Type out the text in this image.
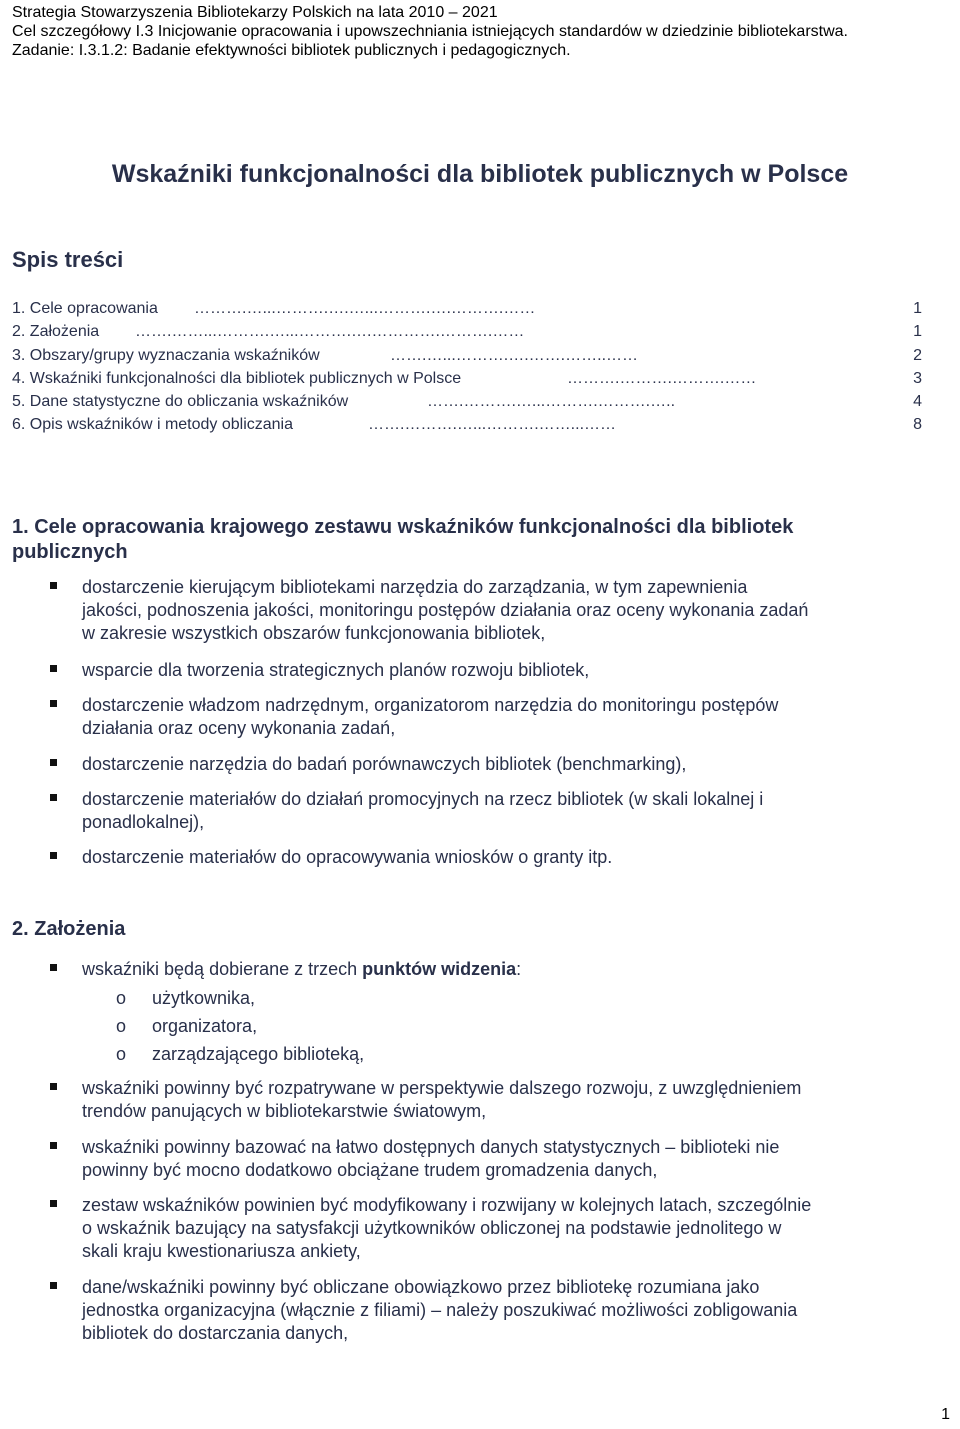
Strategia Stowarzyszenia Bibliotekarzy Polskich na lata 2010 – 2021
Cel szczegółowy I.3 Inicjowanie opracowania i upowszechniania istniejących standardów w dziedzinie bibliotekarstwa.
Zadanie: I.3.1.2: Badanie efektywności bibliotek publicznych i pedagogicznych.
Wskaźniki funkcjonalności dla bibliotek publicznych w Polsce
Spis treści
1. Cele opracowania ……….…...……….….…...……….….……….……	1
2. Założenia …….……...……….…...……….….………….……….……	1
3. Obszary/grupy wyznaczania wskaźników	…….…...……….….…….……..……	2
4. Wskaźniki funkcjonalności dla bibliotek publicznych w Polsce	……….……….……….……	3
5. Dane statystyczne do obliczania wskaźników	…….……….…...……….……….…..	4
6. Opis wskaźników i metody obliczania	…….……….…...……….……...……	8
1. Cele opracowania krajowego zestawu wskaźników funkcjonalności dla bibliotek
publicznych
dostarczenie kierującym bibliotekami narzędzia do zarządzania, w tym zapewnienia
jakości, podnoszenia jakości, monitoringu postępów działania oraz oceny wykonania zadań
w zakresie wszystkich obszarów funkcjonowania bibliotek,
wsparcie dla tworzenia strategicznych planów rozwoju bibliotek,
dostarczenie władzom nadrzędnym, organizatorom narzędzia do monitoringu postępów
działania oraz oceny wykonania zadań,
dostarczenie narzędzia do badań porównawczych bibliotek (benchmarking),
dostarczenie materiałów do działań promocyjnych na rzecz bibliotek (w skali lokalnej i
ponadlokalnej),
dostarczenie materiałów do opracowywania wniosków o granty itp.
2. Założenia
wskaźniki będą dobierane z trzech punktów widzenia:
o	użytkownika,
o	organizatora,
o	zarządzającego biblioteką,
wskaźniki powinny być rozpatrywane w perspektywie dalszego rozwoju, z uwzględnieniem
trendów panujących w bibliotekarstwie światowym,
wskaźniki powinny bazować na łatwo dostępnych danych statystycznych – biblioteki nie
powinny być mocno dodatkowo obciążane trudem gromadzenia danych,
zestaw wskaźników powinien być modyfikowany i rozwijany w kolejnych latach, szczególnie
o wskaźnik bazujący na satysfakcji użytkowników obliczonej na podstawie jednolitego w
skali kraju kwestionariusza ankiety,
dane/wskaźniki powinny być obliczane obowiązkowo przez bibliotekę rozumiana jako
jednostka organizacyjna (włącznie z filiami) – należy poszukiwać możliwości zobligowania
bibliotek do dostarczania danych,
1
